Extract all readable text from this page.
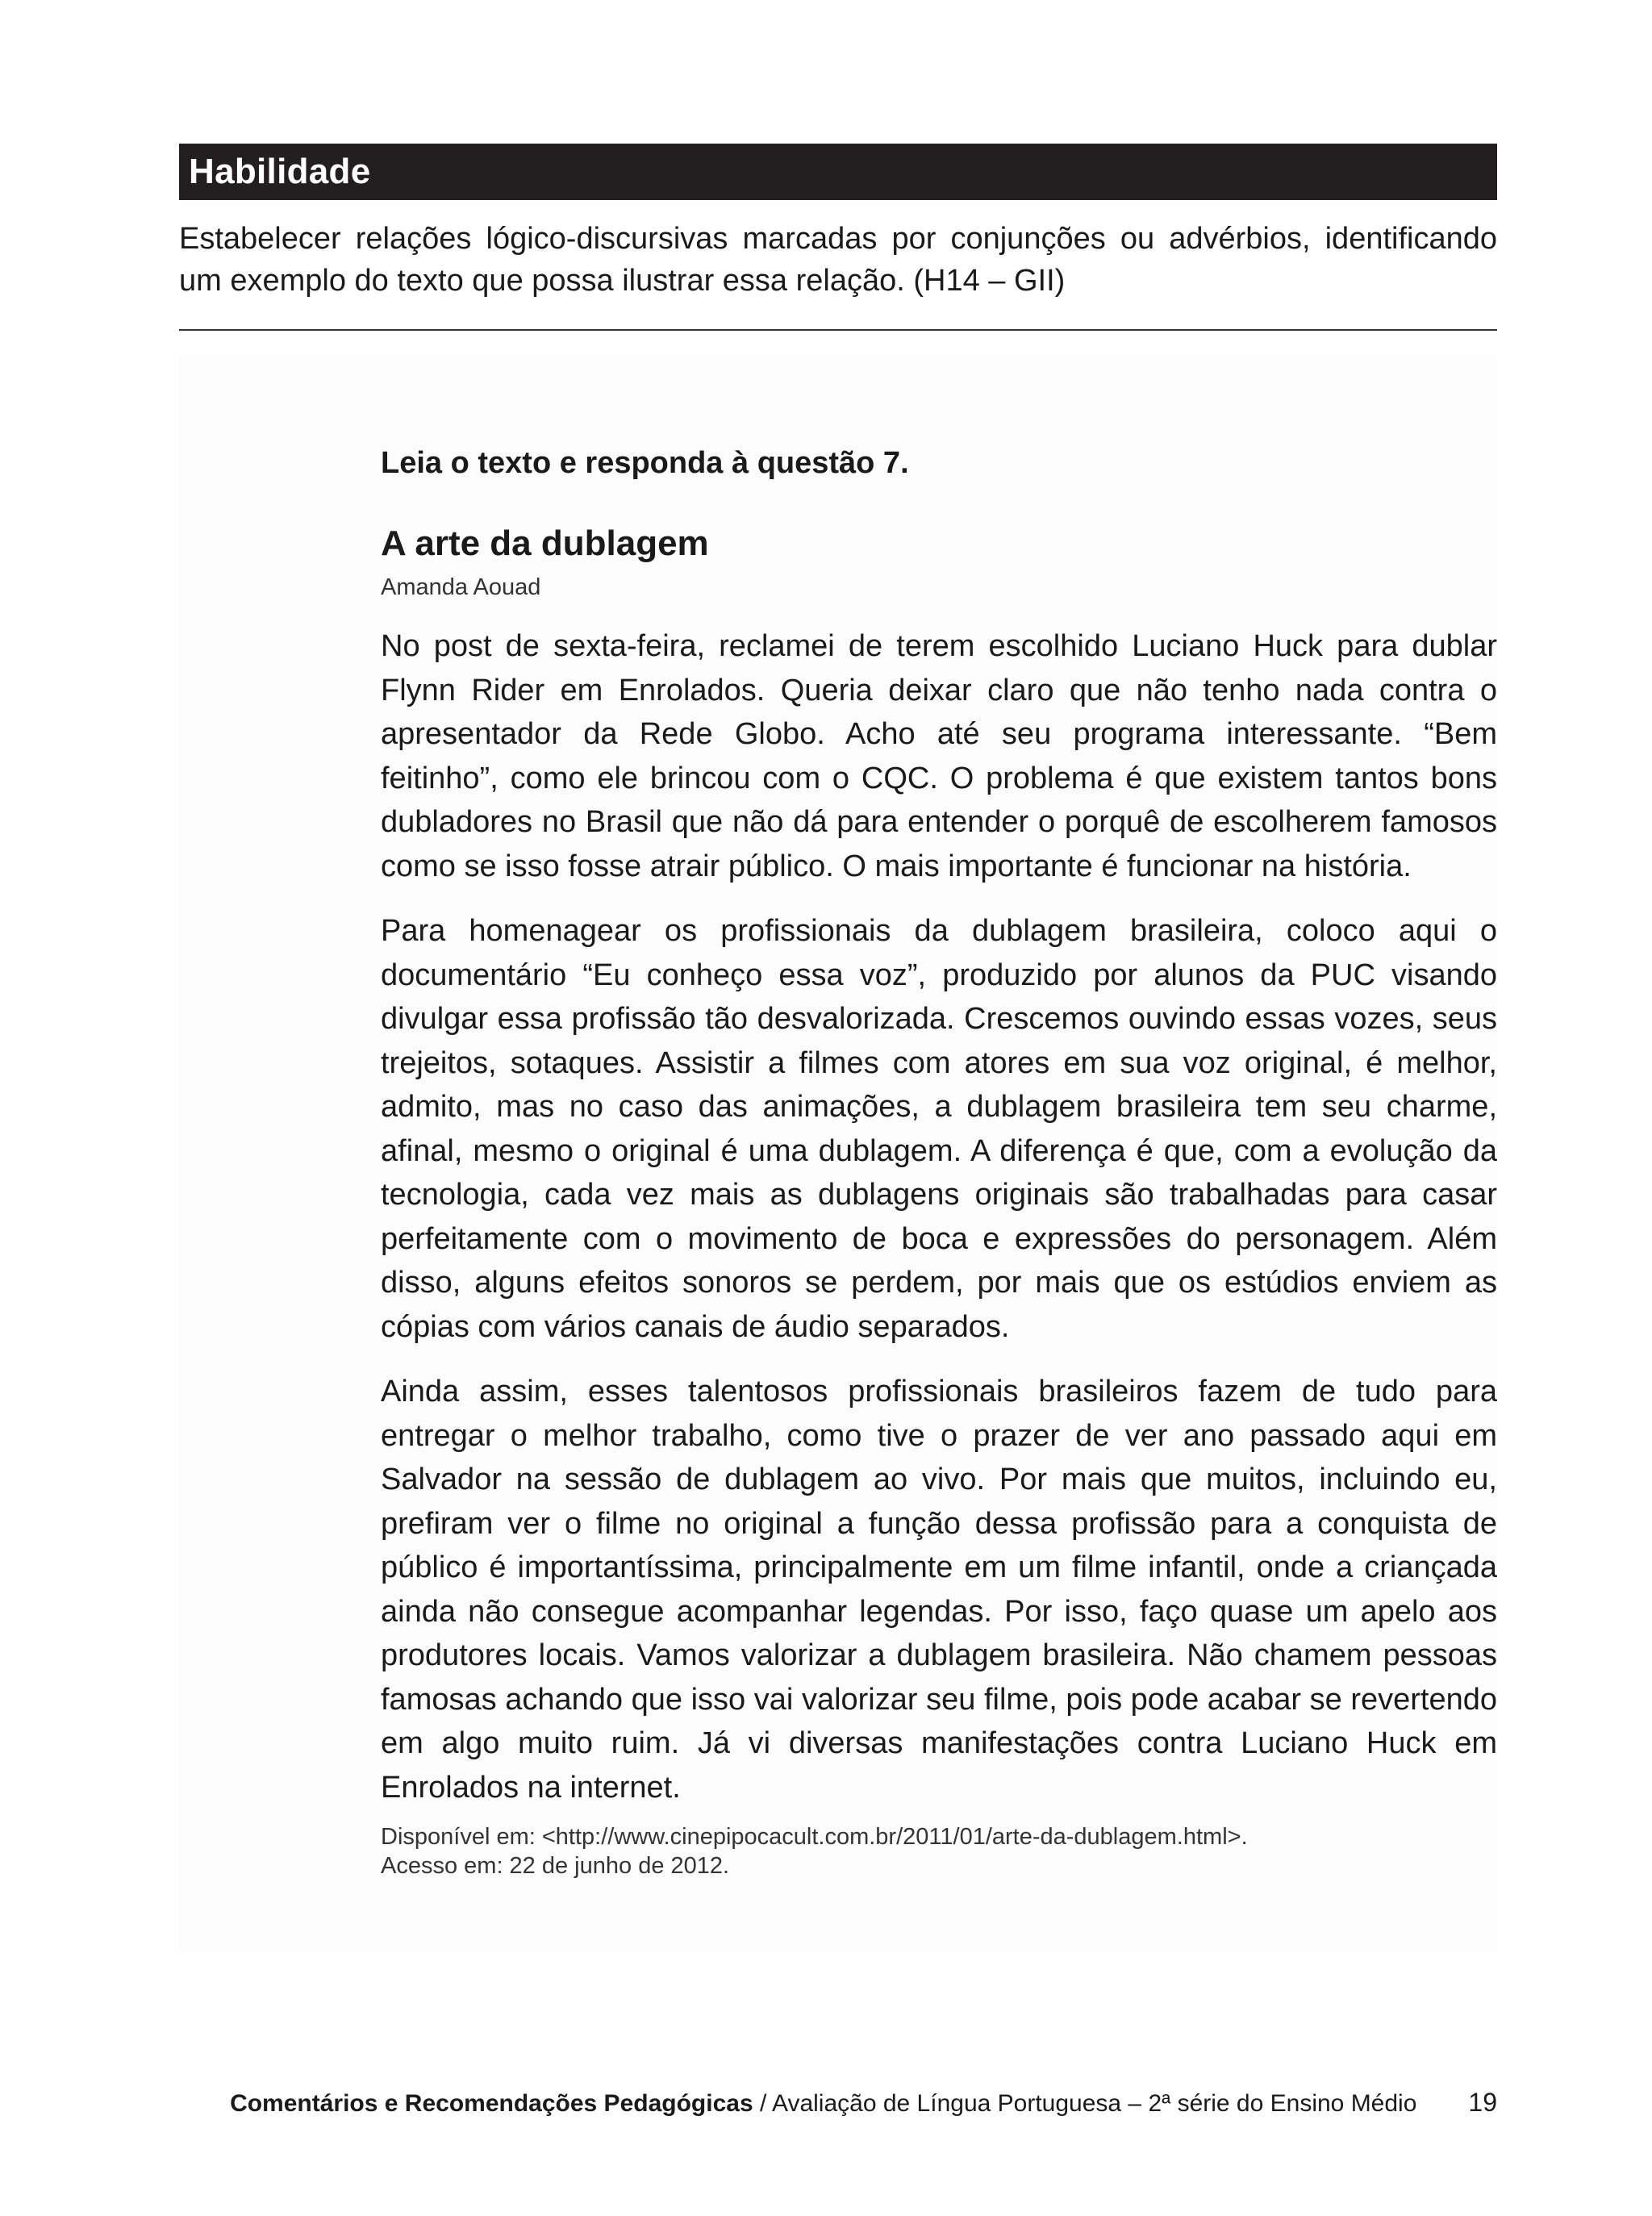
Habilidade

Estabelecer relações lógico-discursivas marcadas por conjunções ou advérbios, identificando um exemplo do texto que possa ilustrar essa relação. (H14 – GII)

Leia o texto e responda à questão 7.

A arte da dublagem

Amanda Aouad

No post de sexta-feira, reclamei de terem escolhido Luciano Huck para dublar Flynn Rider em Enrolados. Queria deixar claro que não tenho nada contra o apresentador da Rede Globo. Acho até seu programa interessante. “Bem feitinho”, como ele brincou com o CQC. O problema é que existem tantos bons dubladores no Brasil que não dá para entender o porquê de escolherem famosos como se isso fosse atrair público. O mais importante é funcionar na história.

Para homenagear os profissionais da dublagem brasileira, coloco aqui o documentário “Eu conheço essa voz”, produzido por alunos da PUC visando divulgar essa profissão tão desvalorizada. Crescemos ouvindo essas vozes, seus trejeitos, sotaques. Assistir a filmes com atores em sua voz original, é melhor, admito, mas no caso das animações, a dublagem brasileira tem seu charme, afinal, mesmo o original é uma dublagem. A diferença é que, com a evolução da tecnologia, cada vez mais as dublagens originais são trabalhadas para casar perfeitamente com o movimento de boca e expressões do personagem. Além disso, alguns efeitos sonoros se perdem, por mais que os estúdios enviem as cópias com vários canais de áudio separados.

Ainda assim, esses talentosos profissionais brasileiros fazem de tudo para entregar o melhor trabalho, como tive o prazer de ver ano passado aqui em Salvador na sessão de dublagem ao vivo. Por mais que muitos, incluindo eu, prefiram ver o filme no original a função dessa profissão para a conquista de público é importantíssima, principalmente em um filme infantil, onde a criançada ainda não consegue acompanhar legendas. Por isso, faço quase um apelo aos produtores locais. Vamos valorizar a dublagem brasileira. Não chamem pessoas famosas achando que isso vai valorizar seu filme, pois pode acabar se revertendo em algo muito ruim. Já vi diversas manifestações contra Luciano Huck em Enrolados na internet.

Disponível em: <http://www.cinepipocacult.com.br/2011/01/arte-da-dublagem.html>.
Acesso em: 22 de junho de 2012.

Comentários e Recomendações Pedagógicas / Avaliação de Língua Portuguesa – 2ª série do Ensino Médio 19
